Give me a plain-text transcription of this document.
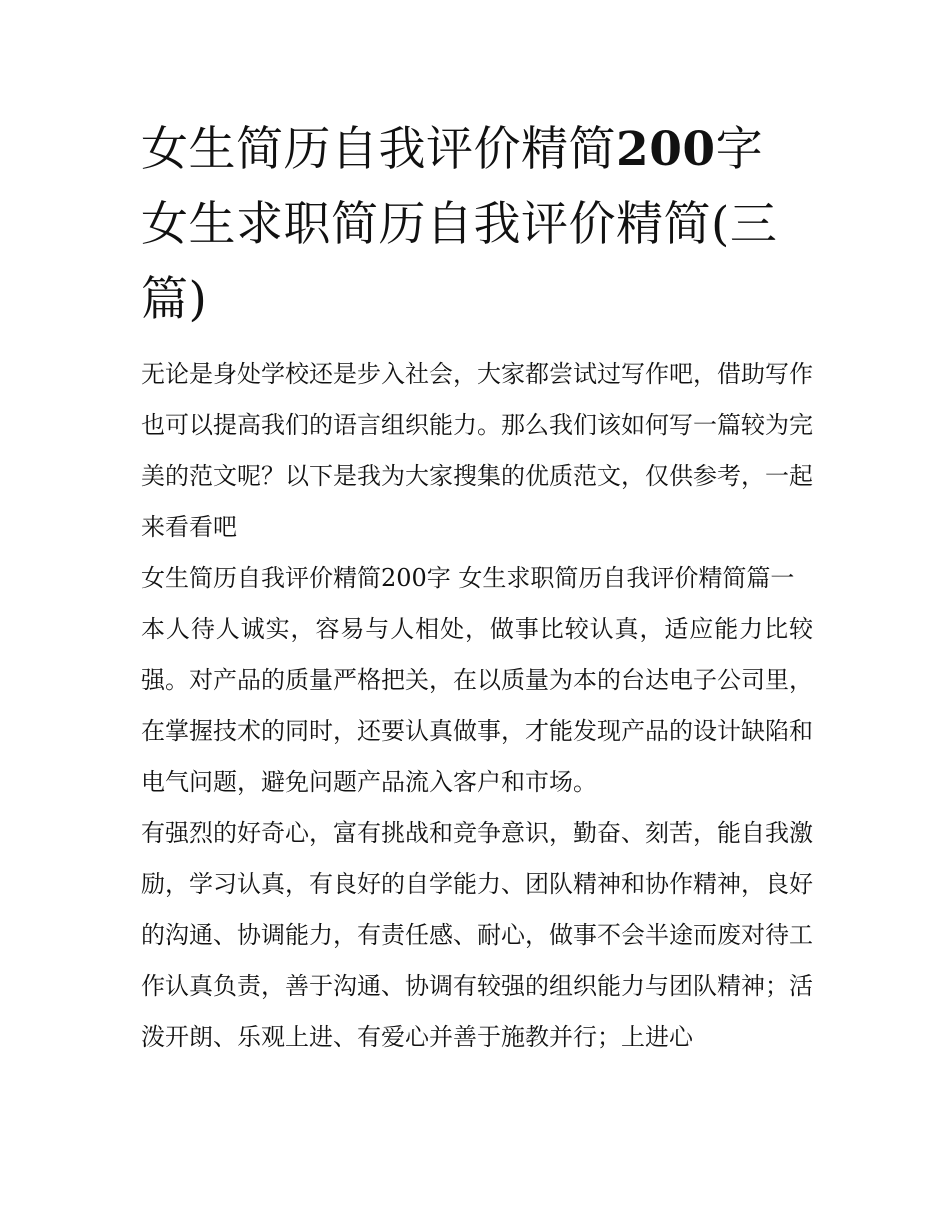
女生简历自我评价精简200字 女生求职简历自我评价精简(三篇)

无论是身处学校还是步入社会，大家都尝试过写作吧，借助写作也可以提高我们的语言组织能力。那么我们该如何写一篇较为完美的范文呢？以下是我为大家搜集的优质范文，仅供参考，一起来看看吧

女生简历自我评价精简200字 女生求职简历自我评价精简篇一

本人待人诚实，容易与人相处，做事比较认真，适应能力比较强。对产品的质量严格把关，在以质量为本的台达电子公司里，在掌握技术的同时，还要认真做事，才能发现产品的设计缺陷和电气问题，避免问题产品流入客户和市场。

有强烈的好奇心，富有挑战和竞争意识，勤奋、刻苦，能自我激励，学习认真，有良好的自学能力、团队精神和协作精神，良好的沟通、协调能力，有责任感、耐心，做事不会半途而废对待工作认真负责，善于沟通、协调有较强的组织能力与团队精神；活泼开朗、乐观上进、有爱心并善于施教并行；上进心
